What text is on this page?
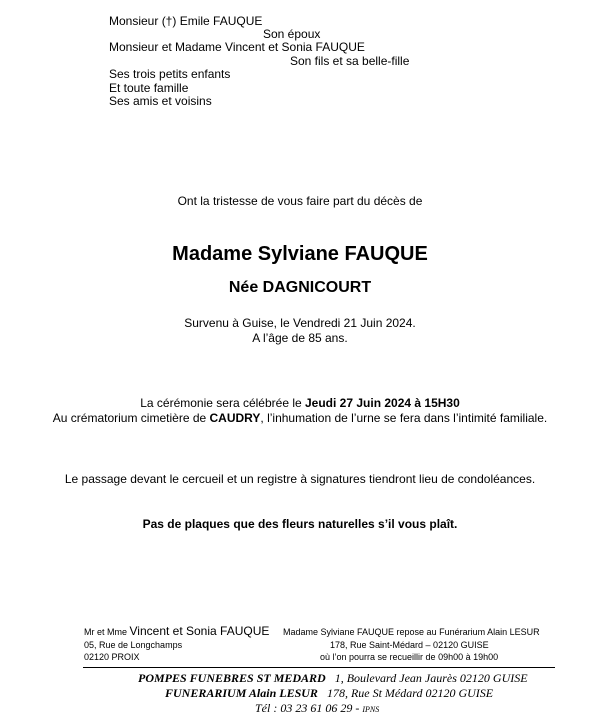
Monsieur (†) Emile FAUQUE
Son époux
Monsieur et Madame Vincent et Sonia FAUQUE
Son fils et sa belle-fille
Ses trois petits enfants
Et toute famille
Ses amis et voisins
Ont la tristesse de vous faire part du décès de
Madame Sylviane FAUQUE
Née DAGNICOURT
Survenu à Guise, le Vendredi 21 Juin 2024.
A l’âge de 85 ans.
La cérémonie sera célébrée le Jeudi 27 Juin 2024 à 15H30
Au crématorium cimetière de CAUDRY, l’inhumation de l’urne se fera dans l’intimité familiale.
Le passage devant le cercueil et un registre à signatures tiendront lieu de condoléances.
Pas de plaques que des fleurs naturelles s’il vous plaît.
Mr et Mme Vincent et Sonia FAUQUE
05, Rue de Longchamps
02120 PROIX
Madame Sylviane FAUQUE repose au Funérarium Alain LESUR
178, Rue Saint-Médard – 02120 GUISE
où l’on pourra se recueillir de 09h00 à 19h00
POMPES FUNEBRES ST MEDARD 1, Boulevard Jean Jaurès 02120 GUISE
FUNERARIUM Alain LESUR 178, Rue St Médard 02120 GUISE
Tél : 03 23 61 06 29 - IPNS
